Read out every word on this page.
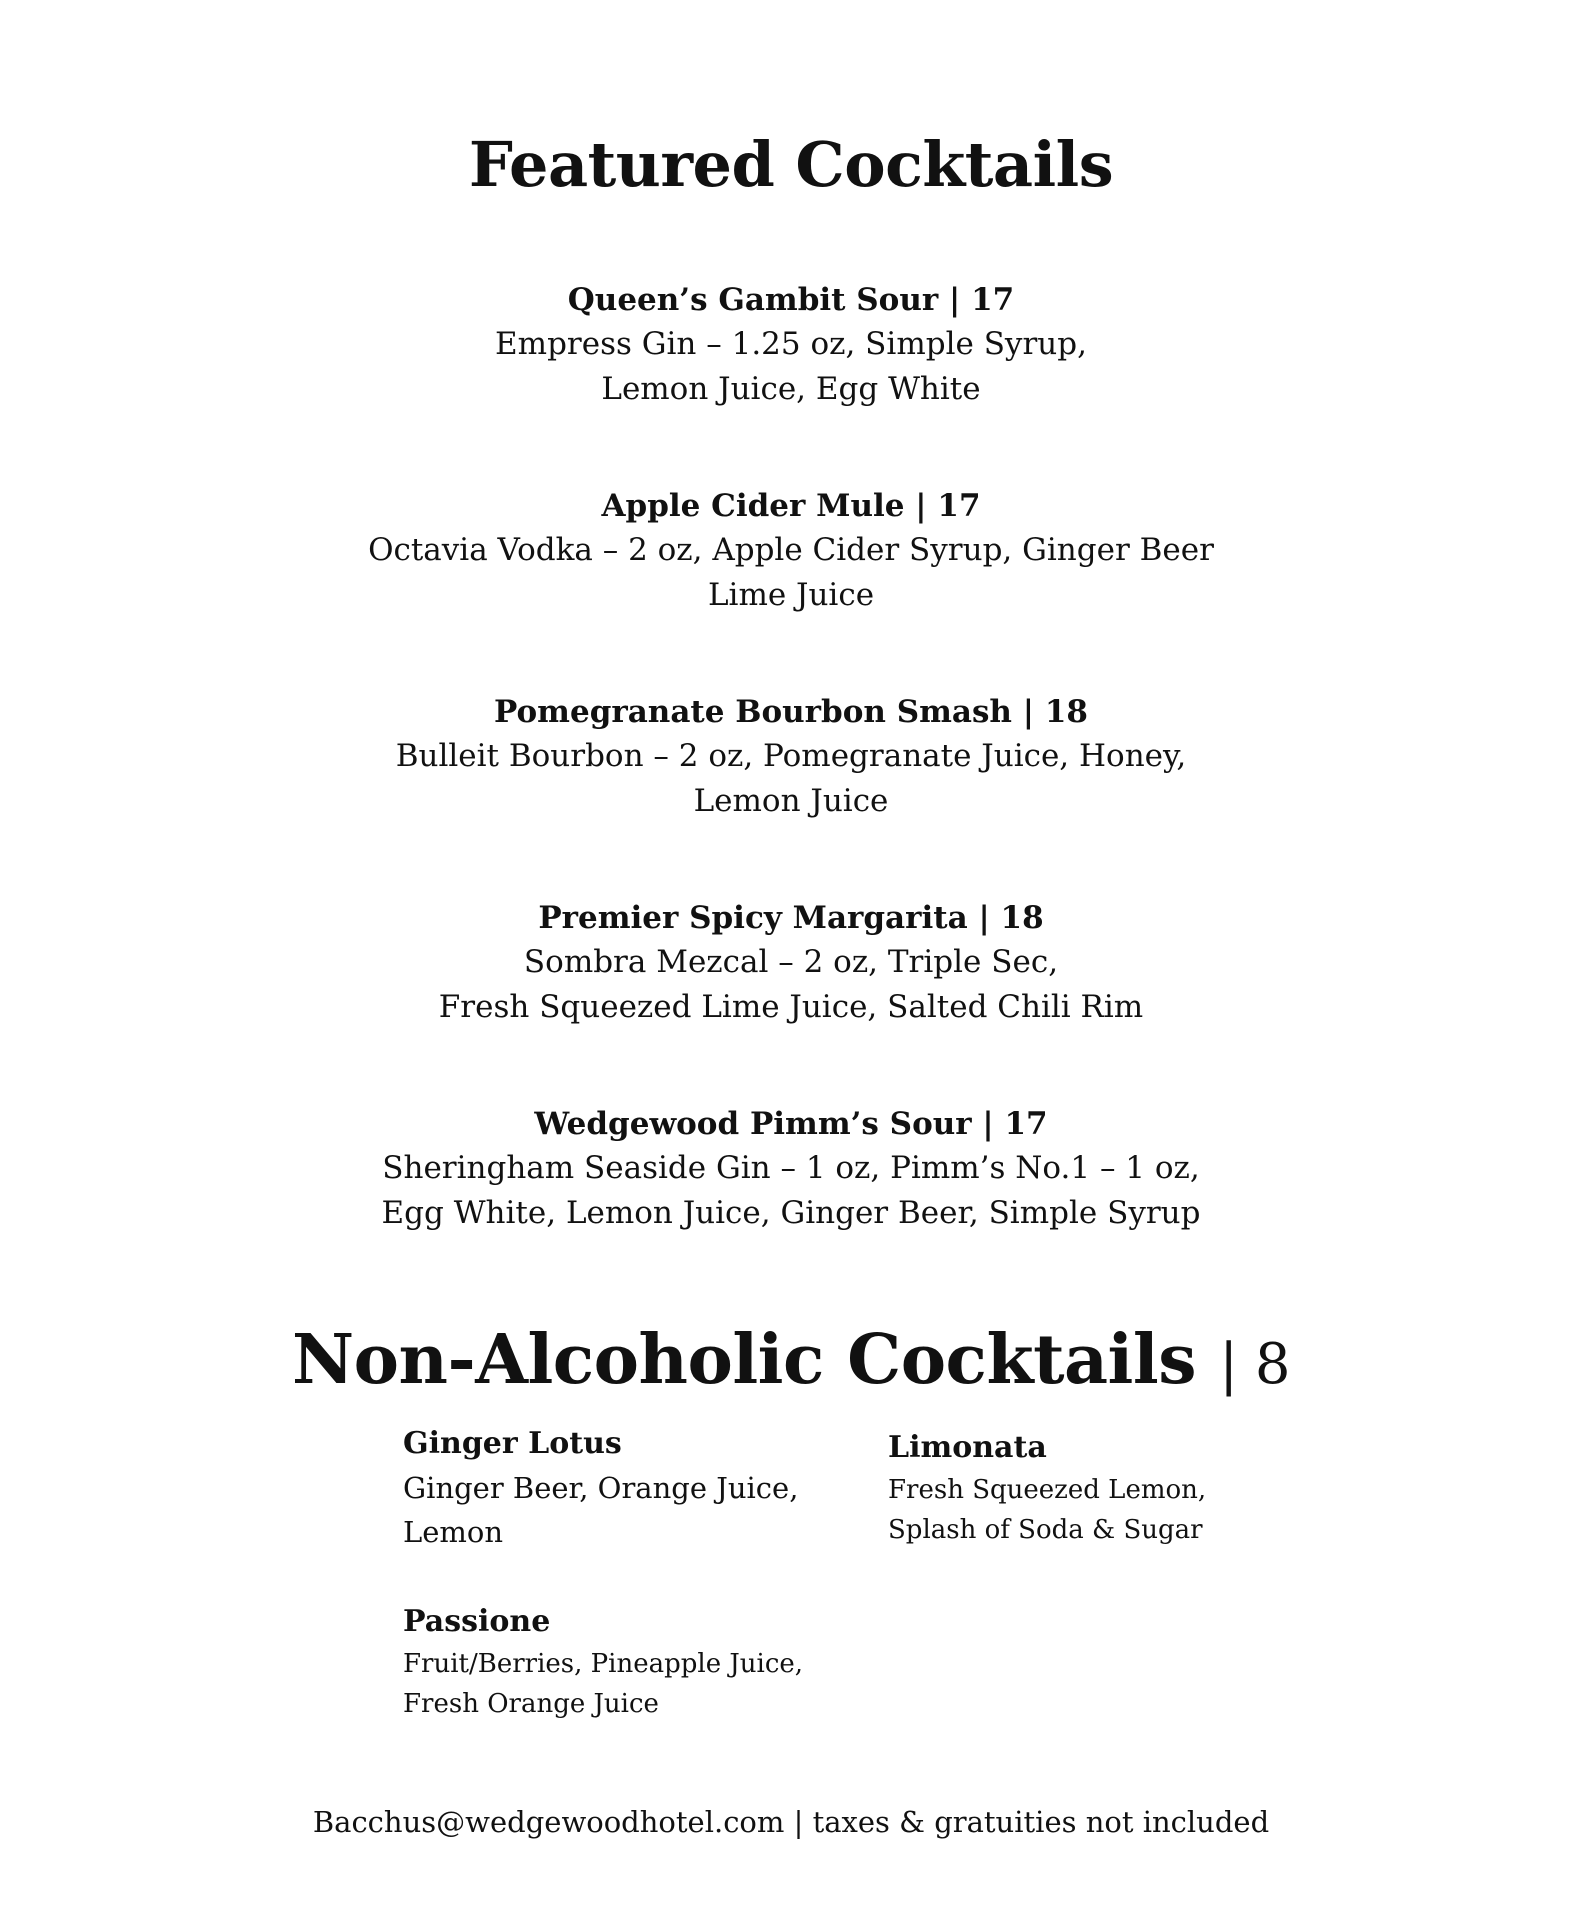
Featured Cocktails
Queen’s Gambit Sour | 17
Empress Gin – 1.25 oz, Simple Syrup,
Lemon Juice, Egg White
Apple Cider Mule | 17
Octavia Vodka – 2 oz, Apple Cider Syrup, Ginger Beer
Lime Juice
Pomegranate Bourbon Smash | 18
Bulleit Bourbon – 2 oz, Pomegranate Juice, Honey,
Lemon Juice
Premier Spicy Margarita | 18
Sombra Mezcal – 2 oz, Triple Sec,
Fresh Squeezed Lime Juice, Salted Chili Rim
Wedgewood Pimm’s Sour | 17
Sheringham Seaside Gin – 1 oz, Pimm’s No.1 – 1 oz,
Egg White, Lemon Juice, Ginger Beer, Simple Syrup
Non-Alcoholic Cocktails | 8
Ginger Lotus
Ginger Beer, Orange Juice,
Lemon
Limonata
Fresh Squeezed Lemon,
Splash of Soda & Sugar
Passione
Fruit/Berries, Pineapple Juice,
Fresh Orange Juice
Bacchus@wedgewoodhotel.com | taxes & gratuities not included
